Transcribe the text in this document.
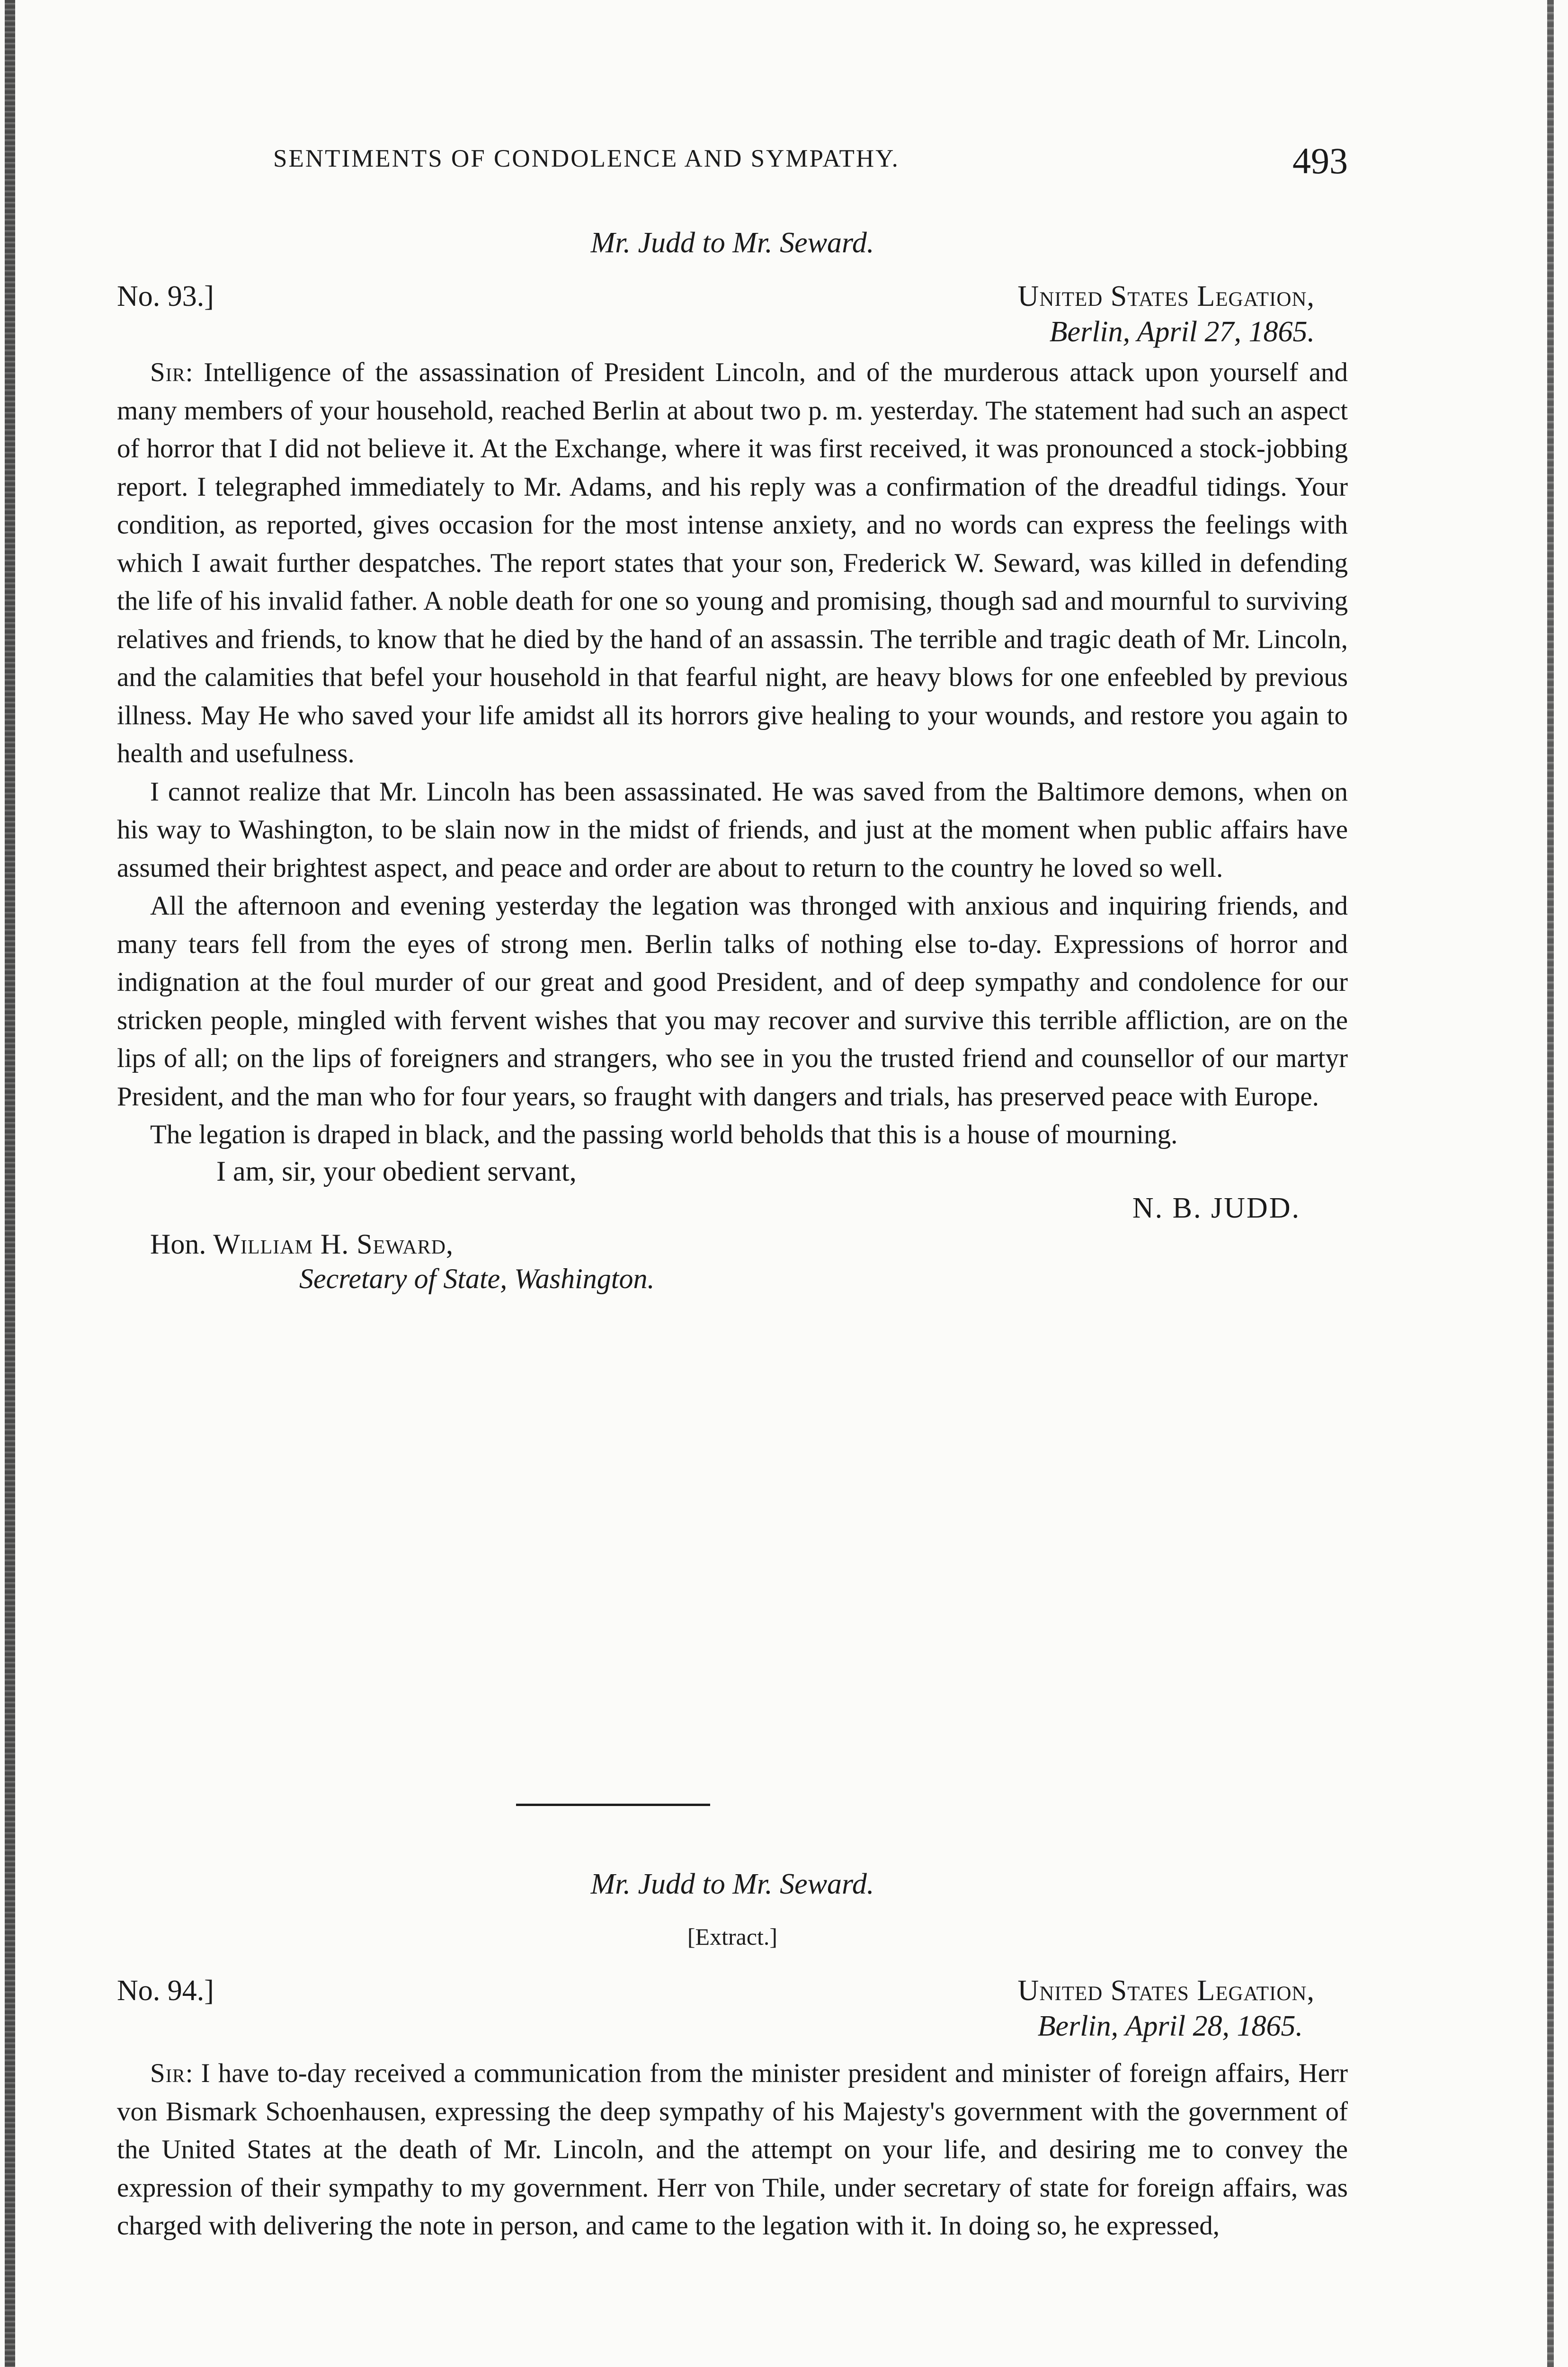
SENTIMENTS OF CONDOLENCE AND SYMPATHY.	493
Mr. Judd to Mr. Seward.
No. 93.]	United States Legation,
Berlin, April 27, 1865.

Sir: Intelligence of the assassination of President Lincoln, and of the murderous attack upon yourself and many members of your household, reached Berlin at about two p. m. yesterday. The statement had such an aspect of horror that I did not believe it. At the Exchange, where it was first received, it was pronounced a stock-jobbing report. I telegraphed immediately to Mr. Adams, and his reply was a confirmation of the dreadful tidings. Your condition, as reported, gives occasion for the most intense anxiety, and no words can express the feelings with which I await further despatches. The report states that your son, Frederick W. Seward, was killed in defending the life of his invalid father. A noble death for one so young and promising, though sad and mournful to surviving relatives and friends, to know that he died by the hand of an assassin. The terrible and tragic death of Mr. Lincoln, and the calamities that befel your household in that fearful night, are heavy blows for one enfeebled by previous illness. May He who saved your life amidst all its horrors give healing to your wounds, and restore you again to health and usefulness.

I cannot realize that Mr. Lincoln has been assassinated. He was saved from the Baltimore demons, when on his way to Washington, to be slain now in the midst of friends, and just at the moment when public affairs have assumed their brightest aspect, and peace and order are about to return to the country he loved so well.

All the afternoon and evening yesterday the legation was thronged with anxious and inquiring friends, and many tears fell from the eyes of strong men. Berlin talks of nothing else to-day. Expressions of horror and indignation at the foul murder of our great and good President, and of deep sympathy and condolence for our stricken people, mingled with fervent wishes that you may recover and survive this terrible affliction, are on the lips of all; on the lips of foreigners and strangers, who see in you the trusted friend and counsellor of our martyr President, and the man who for four years, so fraught with dangers and trials, has preserved peace with Europe.

The legation is draped in black, and the passing world beholds that this is a house of mourning.

I am, sir, your obedient servant,
N. B. JUDD.
Hon. William H. Seward,
Secretary of State, Washington.
Mr. Judd to Mr. Seward.
[Extract.]
No. 94.]	United States Legation,
Berlin, April 28, 1865.

Sir: I have to-day received a communication from the minister president and minister of foreign affairs, Herr von Bismark Schoenhausen, expressing the deep sympathy of his Majesty's government with the government of the United States at the death of Mr. Lincoln, and the attempt on your life, and desiring me to convey the expression of their sympathy to my government. Herr von Thile, under secretary of state for foreign affairs, was charged with delivering the note in person, and came to the legation with it. In doing so, he expressed,
